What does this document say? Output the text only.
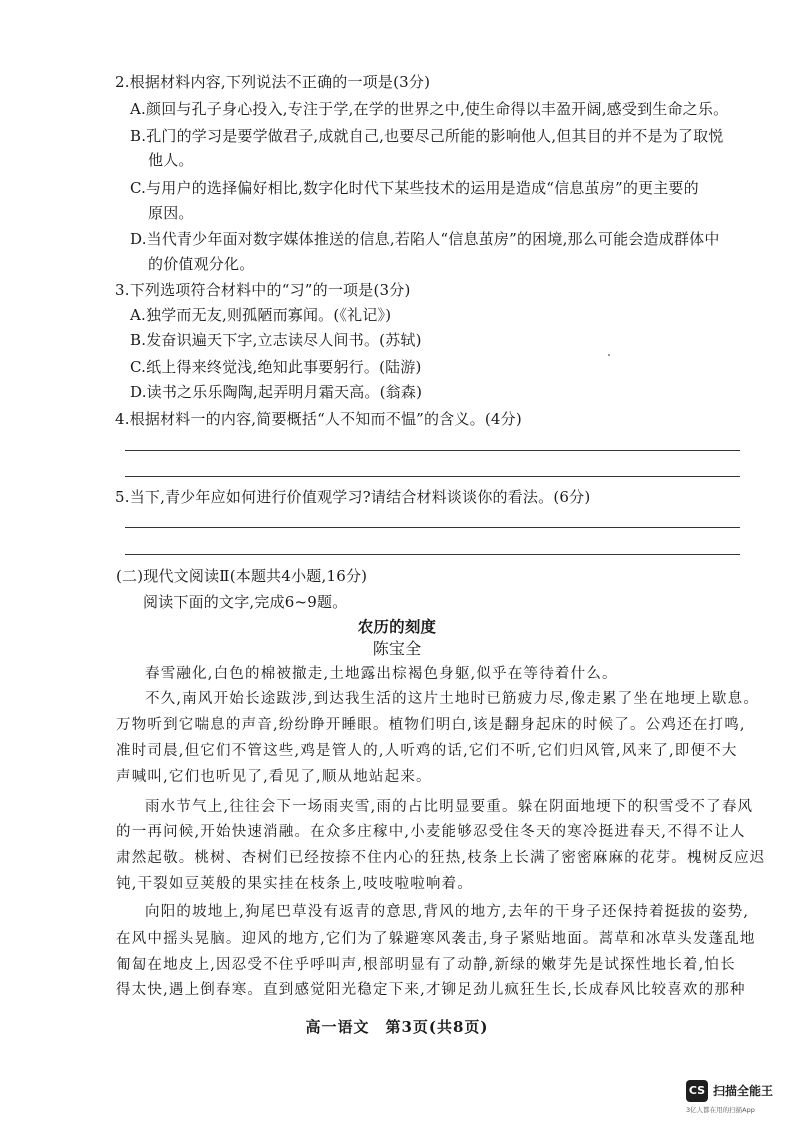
2.根据材料内容,下列说法不正确的一项是(3分)
A.颜回与孔子身心投入,专注于学,在学的世界之中,使生命得以丰盈开阔,感受到生命之乐。
B.孔门的学习是要学做君子,成就自己,也要尽己所能的影响他人,但其目的并不是为了取悦
他人。
C.与用户的选择偏好相比,数字化时代下某些技术的运用是造成“信息茧房”的更主要的
原因。
D.当代青少年面对数字媒体推送的信息,若陷人“信息茧房”的困境,那么可能会造成群体中
的价值观分化。
3.下列选项符合材料中的“习”的一项是(3分)
A.独学而无友,则孤陋而寡闻。(《礼记》)
B.发奋识遍天下字,立志读尽人间书。(苏轼)
C.纸上得来终觉浅,绝知此事要躬行。(陆游)
D.读书之乐乐陶陶,起弄明月霜天高。(翁森)
4.根据材料一的内容,简要概括“人不知而不愠”的含义。(4分)
5.当下,青少年应如何进行价值观学习?请结合材料谈谈你的看法。(6分)
(二)现代文阅读Ⅱ(本题共4小题,16分)
阅读下面的文字,完成6~9题。
农历的刻度
陈宝全
春雪融化,白色的棉被撤走,土地露出棕褐色身躯,似乎在等待着什么。
不久,南风开始长途跋涉,到达我生活的这片土地时已筋疲力尽,像走累了坐在地埂上歇息。
万物听到它喘息的声音,纷纷睁开睡眼。植物们明白,该是翻身起床的时候了。公鸡还在打鸣,
准时司晨,但它们不管这些,鸡是管人的,人听鸡的话,它们不听,它们归风管,风来了,即便不大
声喊叫,它们也听见了,看见了,顺从地站起来。
雨水节气上,往往会下一场雨夹雪,雨的占比明显要重。躲在阴面地埂下的积雪受不了春风
的一再问候,开始快速消融。在众多庄稼中,小麦能够忍受住冬天的寒冷挺进春天,不得不让人
肃然起敬。桃树、杏树们已经按捺不住内心的狂热,枝条上长满了密密麻麻的花芽。槐树反应迟
钝,干裂如豆荚般的果实挂在枝条上,吱吱啦啦响着。
向阳的坡地上,狗尾巴草没有返青的意思,背风的地方,去年的干身子还保持着挺拔的姿势,
在风中摇头晃脑。迎风的地方,它们为了躲避寒风袭击,身子紧贴地面。蒿草和冰草头发蓬乱地
匍匐在地皮上,因忍受不住乎呼叫声,根部明显有了动静,新绿的嫩芽先是试探性地长着,怕长
得太快,遇上倒春寒。直到感觉阳光稳定下来,才铆足劲儿疯狂生长,长成春风比较喜欢的那种
高一语文　第3页(共8页)
CS 扫描全能王
3亿人都在用的扫描App
